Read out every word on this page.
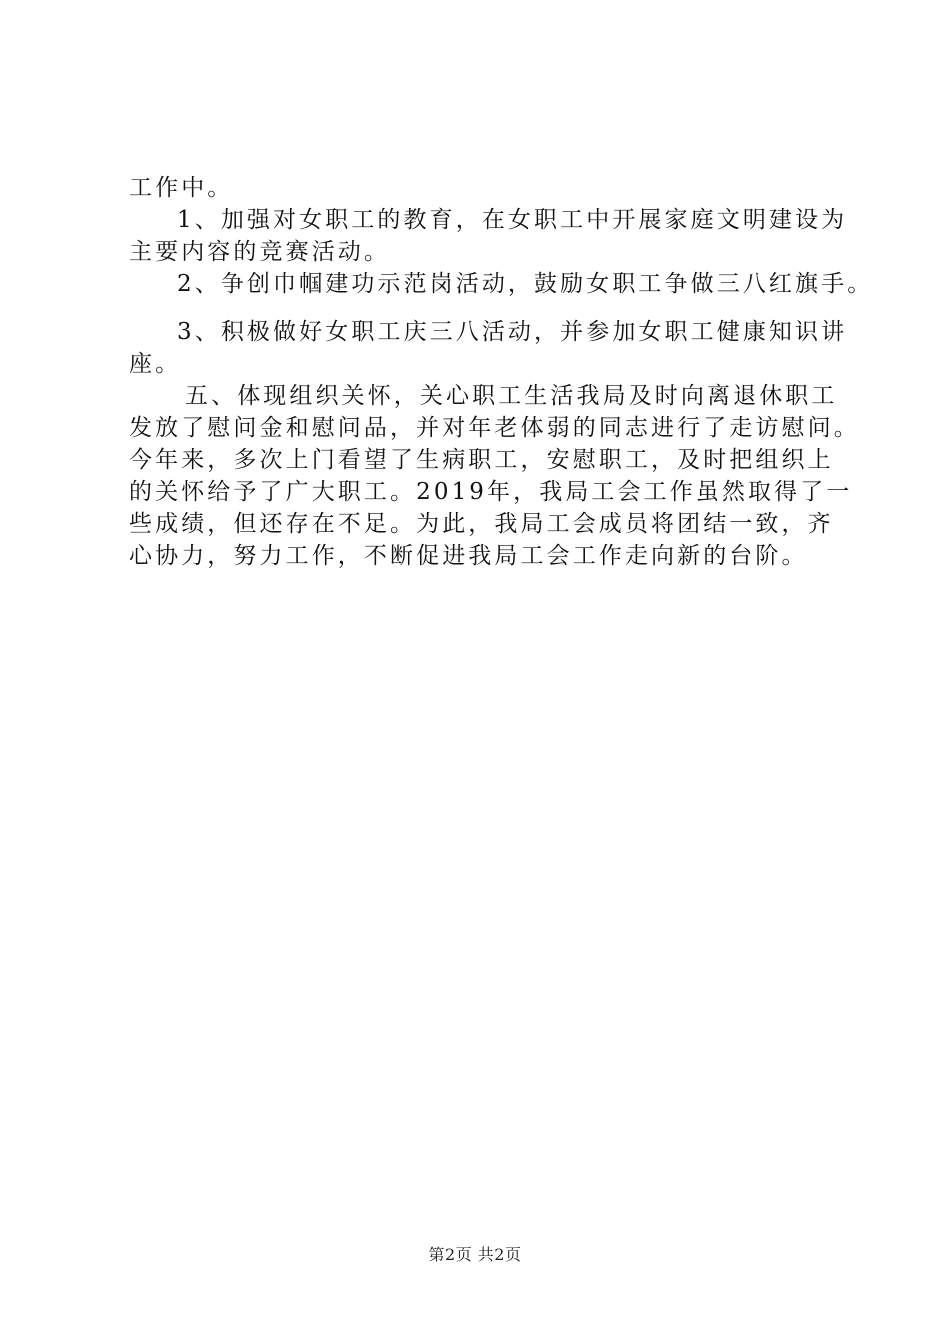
工作中。
1、加强对女职工的教育，在女职工中开展家庭文明建设为
主要内容的竞赛活动。
2、争创巾帼建功示范岗活动，鼓励女职工争做三八红旗手。
3、积极做好女职工庆三八活动，并参加女职工健康知识讲
座。
五、体现组织关怀，关心职工生活我局及时向离退休职工
发放了慰问金和慰问品，并对年老体弱的同志进行了走访慰问。
今年来，多次上门看望了生病职工，安慰职工，及时把组织上
的关怀给予了广大职工。2019年，我局工会工作虽然取得了一
些成绩，但还存在不足。为此，我局工会成员将团结一致，齐
心协力，努力工作，不断促进我局工会工作走向新的台阶。
第2页 共2页
